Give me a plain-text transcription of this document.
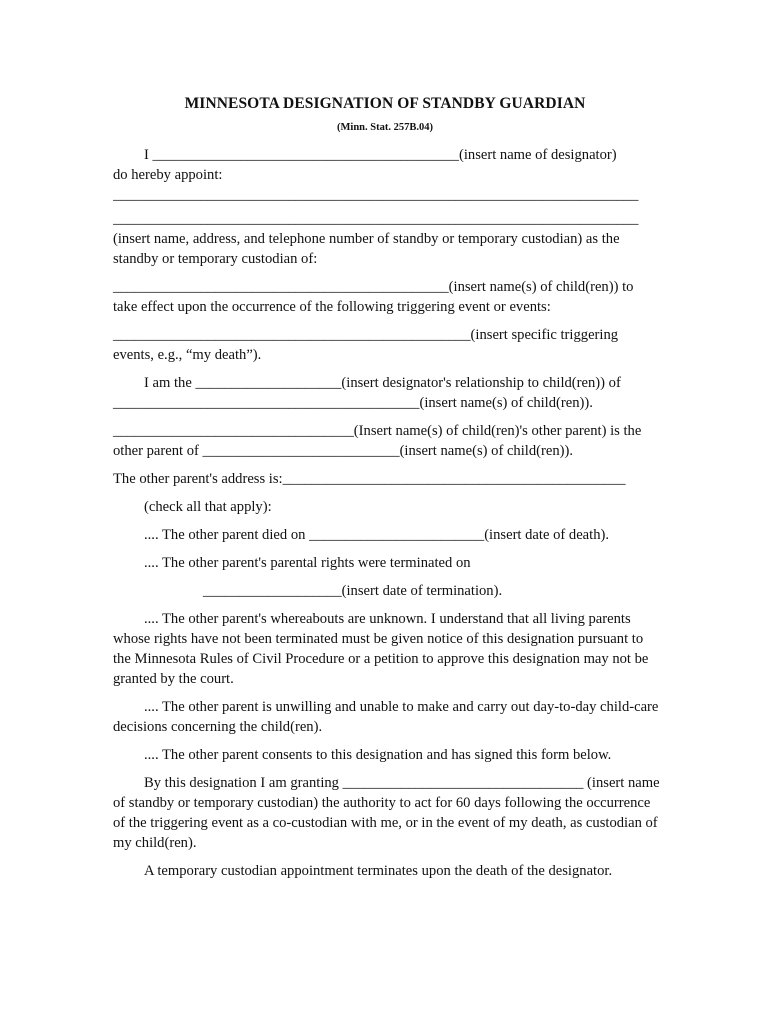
MINNESOTA DESIGNATION OF STANDBY GUARDIAN
(Minn. Stat. 257B.04)

I __________________________________________(insert name of designator)

do hereby appoint:

________________________________________________________________________

________________________________________________________________________

(insert name, address, and telephone number of standby or temporary custodian) as the standby or temporary custodian of:

______________________________________________(insert name(s) of child(ren)) to take effect upon the occurrence of the following triggering event or events:

_________________________________________________(insert specific triggering events, e.g., “my death”).

I am the ____________________(insert designator's relationship to child(ren)) of __________________________________________(insert name(s) of child(ren)).

_________________________________(Insert name(s) of child(ren)'s other parent) is the other parent of ___________________________(insert name(s) of child(ren)).

The other parent's address is:_______________________________________________

(check all that apply):

.... The other parent died on ________________________(insert date of death).

.... The other parent's parental rights were terminated on

___________________(insert date of termination).

.... The other parent's whereabouts are unknown. I understand that all living parents whose rights have not been terminated must be given notice of this designation pursuant to the Minnesota Rules of Civil Procedure or a petition to approve this designation may not be granted by the court.

.... The other parent is unwilling and unable to make and carry out day-to-day child-care decisions concerning the child(ren).

.... The other parent consents to this designation and has signed this form below.

By this designation I am granting _________________________________ (insert name of standby or temporary custodian) the authority to act for 60 days following the occurrence of the triggering event as a co-custodian with me, or in the event of my death, as custodian of my child(ren).

A temporary custodian appointment terminates upon the death of the designator.
